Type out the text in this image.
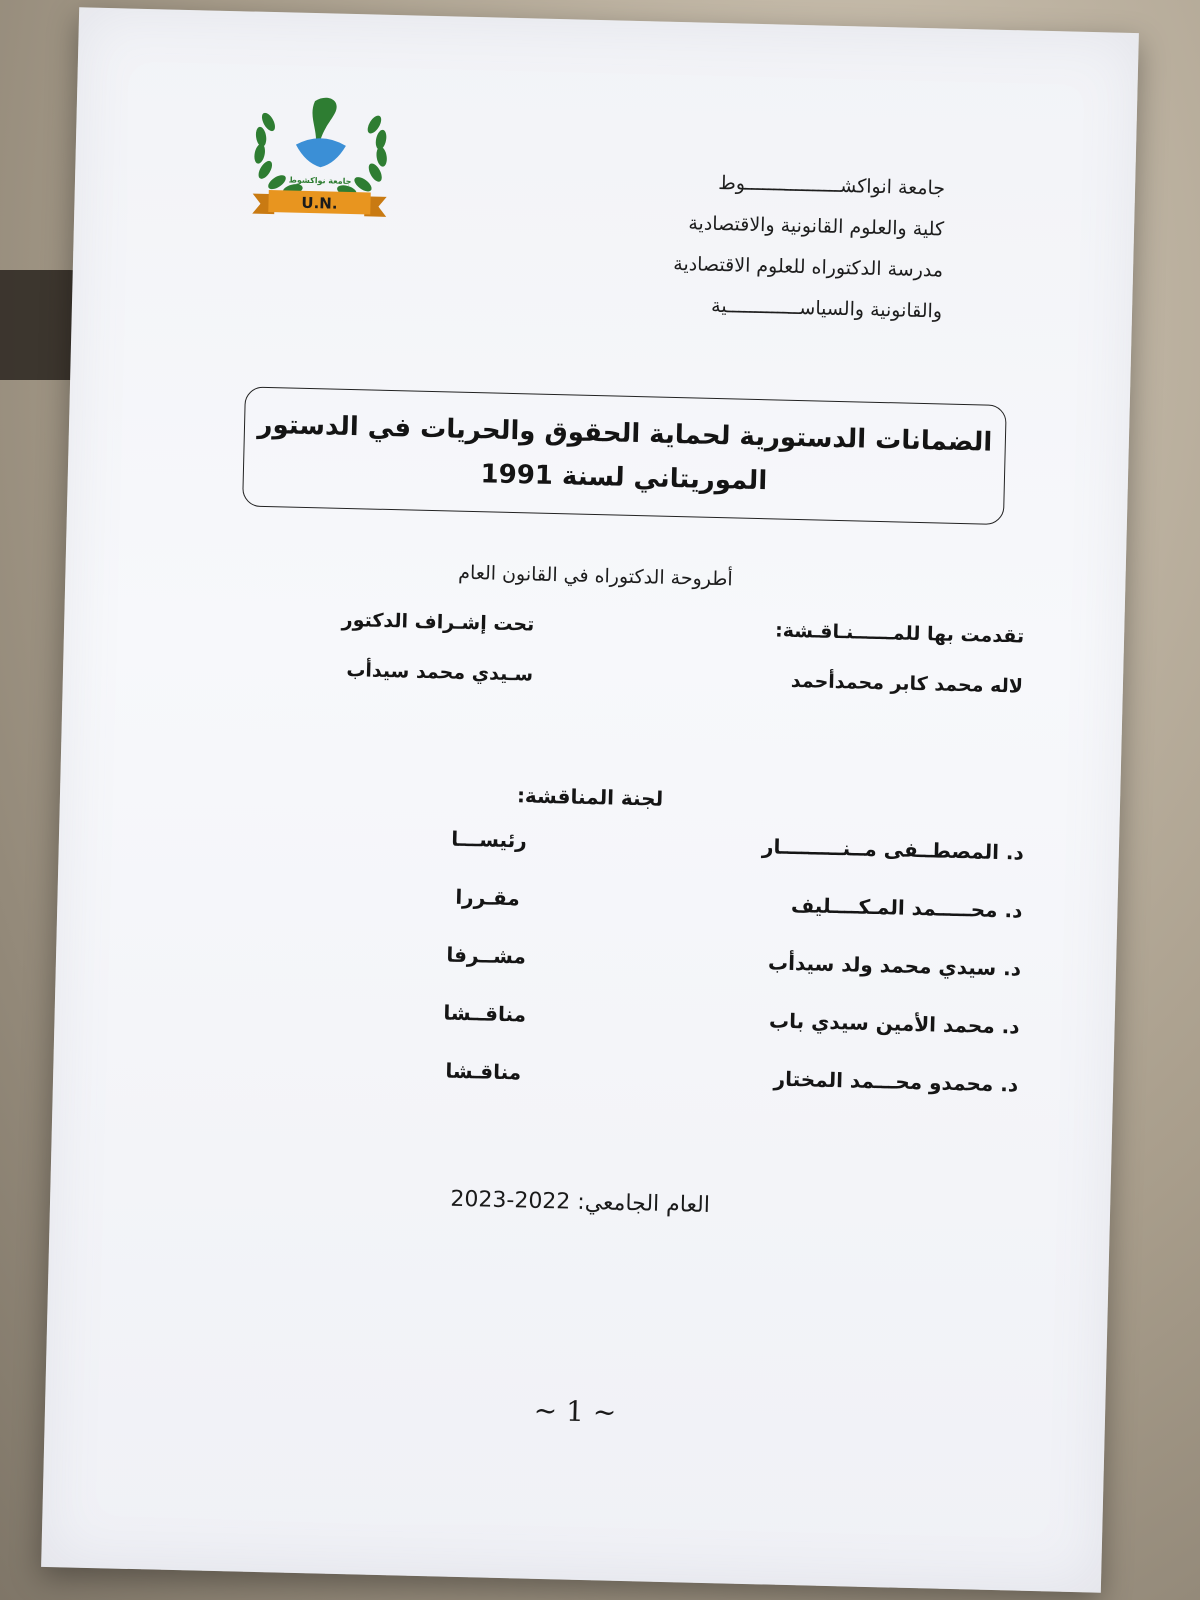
جامعة نواكشوط
U.N.
جامعة انواكشـــــــــــــــــوط
كلية والعلوم القانونية والاقتصادية
مدرسة الدكتوراه للعلوم الاقتصادية
والقانونية والسياســـــــــــــية
الضمانات الدستورية لحماية الحقوق والحريات في الدستور
الموريتاني لسنة 1991
أطروحة الدكتوراه في القانون العام
تقدمت بها للمــــــنـاقـشة:
تحت إشـراف الدكتور
لاله محمد كابر محمدأحمد
سـيدي محمد سيدأب
لجنة المناقشة:
د. المصطــفى مــنـــــــــار
رئيســـا
د. محـــــمد المـكــــليف
مقـررا
د. سيدي محمد ولد سيدأب
مشــرفا
د. محمد الأمين سيدي باب
مناقــشا
د. محمدو محـــمد المختار
مناقـشا
العام الجامعي: 2022-2023
~ 1 ~
